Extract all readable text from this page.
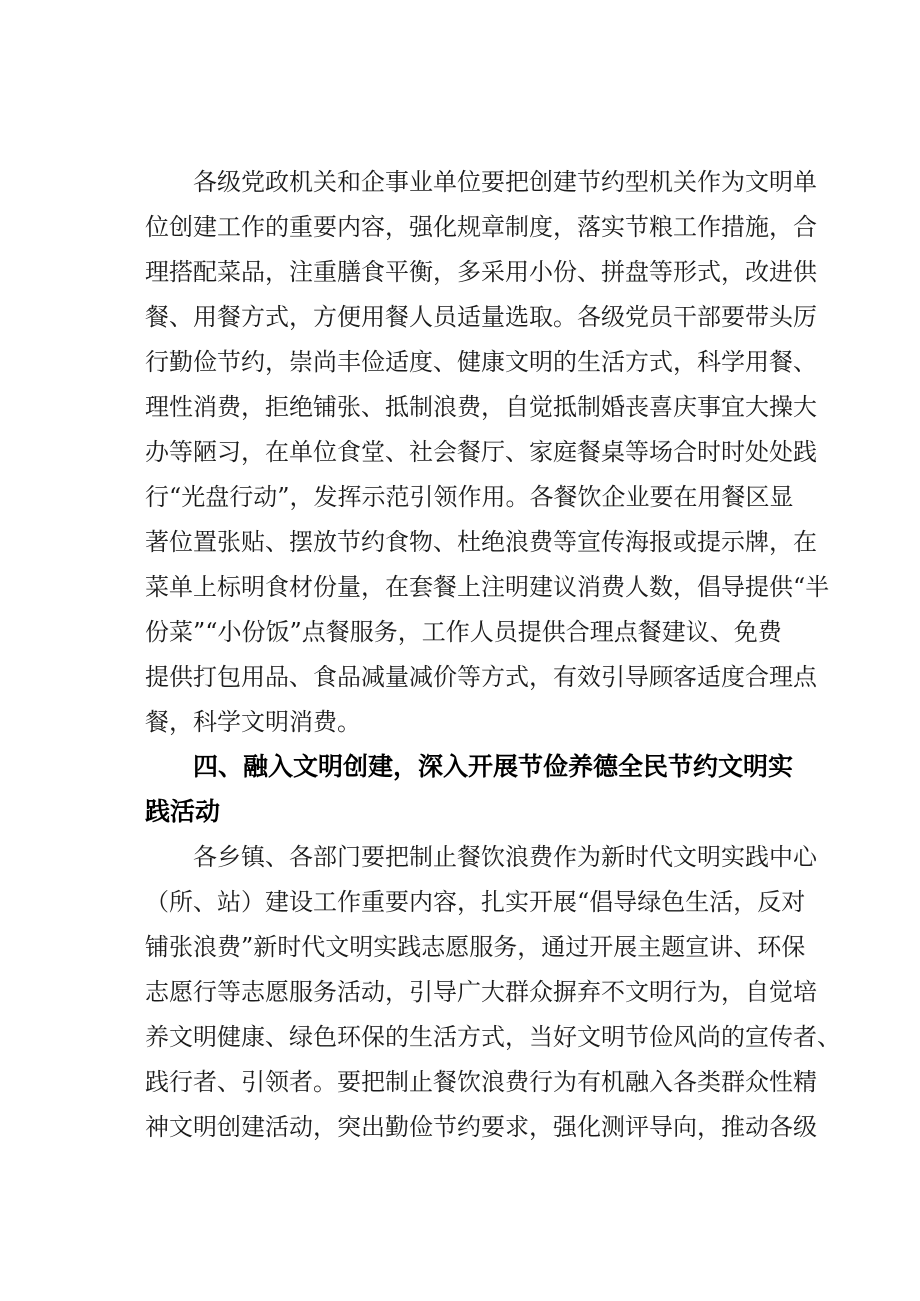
各级党政机关和企事业单位要把创建节约型机关作为文明单
位创建工作的重要内容，强化规章制度，落实节粮工作措施，合
理搭配菜品，注重膳食平衡，多采用小份、拼盘等形式，改进供
餐、用餐方式，方便用餐人员适量选取。各级党员干部要带头厉
行勤俭节约，崇尚丰俭适度、健康文明的生活方式，科学用餐、
理性消费，拒绝铺张、抵制浪费，自觉抵制婚丧喜庆事宜大操大
办等陋习，在单位食堂、社会餐厅、家庭餐桌等场合时时处处践
行“光盘行动”，发挥示范引领作用。各餐饮企业要在用餐区显
著位置张贴、摆放节约食物、杜绝浪费等宣传海报或提示牌，在
菜单上标明食材份量，在套餐上注明建议消费人数，倡导提供“半
份菜”“小份饭”点餐服务，工作人员提供合理点餐建议、免费
提供打包用品、食品减量减价等方式，有效引导顾客适度合理点
餐，科学文明消费。
四、融入文明创建，深入开展节俭养德全民节约文明实
践活动
各乡镇、各部门要把制止餐饮浪费作为新时代文明实践中心
（所、站）建设工作重要内容，扎实开展“倡导绿色生活，反对
铺张浪费”新时代文明实践志愿服务，通过开展主题宣讲、环保
志愿行等志愿服务活动，引导广大群众摒弃不文明行为，自觉培
养文明健康、绿色环保的生活方式，当好文明节俭风尚的宣传者、
践行者、引领者。要把制止餐饮浪费行为有机融入各类群众性精
神文明创建活动，突出勤俭节约要求，强化测评导向，推动各级
